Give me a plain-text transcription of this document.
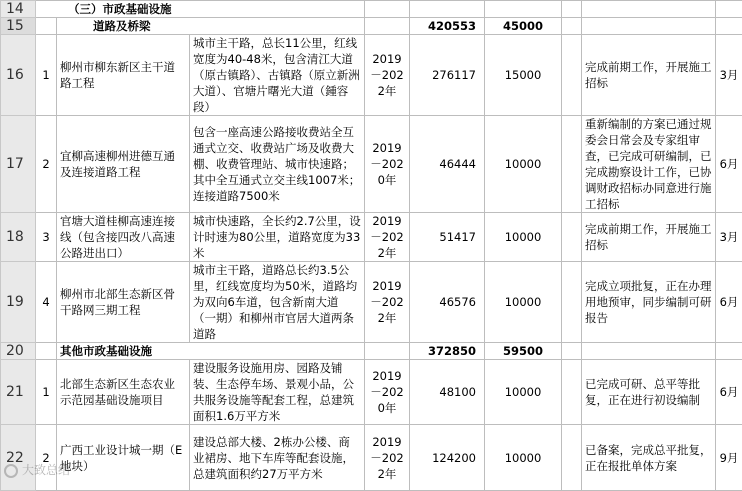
14	（三）市政基础设施								
15		道路及桥梁			420553	45000			
16	1	柳州市柳东新区主干道路工程	城市主干路，总长11公里，红线宽度为40-48米，包含清江大道（原古镇路）、古镇路（原立新洲大道）、官塘片曙光大道（鍾容段）	2019－2022年	276117	15000		完成前期工作，开展施工招标	3月
17	2	宜柳高速柳州进德互通及连接道路工程	包含一座高速公路接收费站全互通式立交、收费站广场及收费大棚、收费管理站、城市快速路；其中全互通式立交主线1007米；连接道路7500米	2019－2020年	46444	10000		重新编制的方案已通过规委会日常会及专家组审查，已完成可研编制，已完成勘察设计工作，已协调财政招标办同意进行施工招标	6月
18	3	官塘大道桂柳高速连接线（包含接四改八高速公路进出口）	城市快速路，全长约2.7公里，设计时速为80公里，道路宽度为33米	2019－2022年	51417	10000		完成前期工作，开展施工招标	3月
19	4	柳州市北部生态新区骨干路网三期工程	城市主干路，道路总长约3.5公里，红线宽度均为50米，道路均为双向6车道，包含新南大道（一期）和柳州市官居大道两条道路	2019－2022年	46576	10000		完成立项批复，正在办理用地预审，同步编制可研报告	6月
20		其他市政基础设施			372850	59500			
21	1	北部生态新区生态农业示范园基础设施项目	建设服务设施用房、园路及铺装、生态停车场、景观小品，公共服务设施等配套工程，总建筑面积1.6万平方米	2019－2020年	48100	10000		已完成可研、总平等批复，正在进行初设编制	6月
22	2	广西工业设计城一期（E地块）	建设总部大楼、2栋办公楼、商业裙房、地下车库等配套设施，总建筑面积约27万平方米	2019－2022年	124200	10000		已备案，完成总平批复，正在报批单体方案	9月
大致总结
